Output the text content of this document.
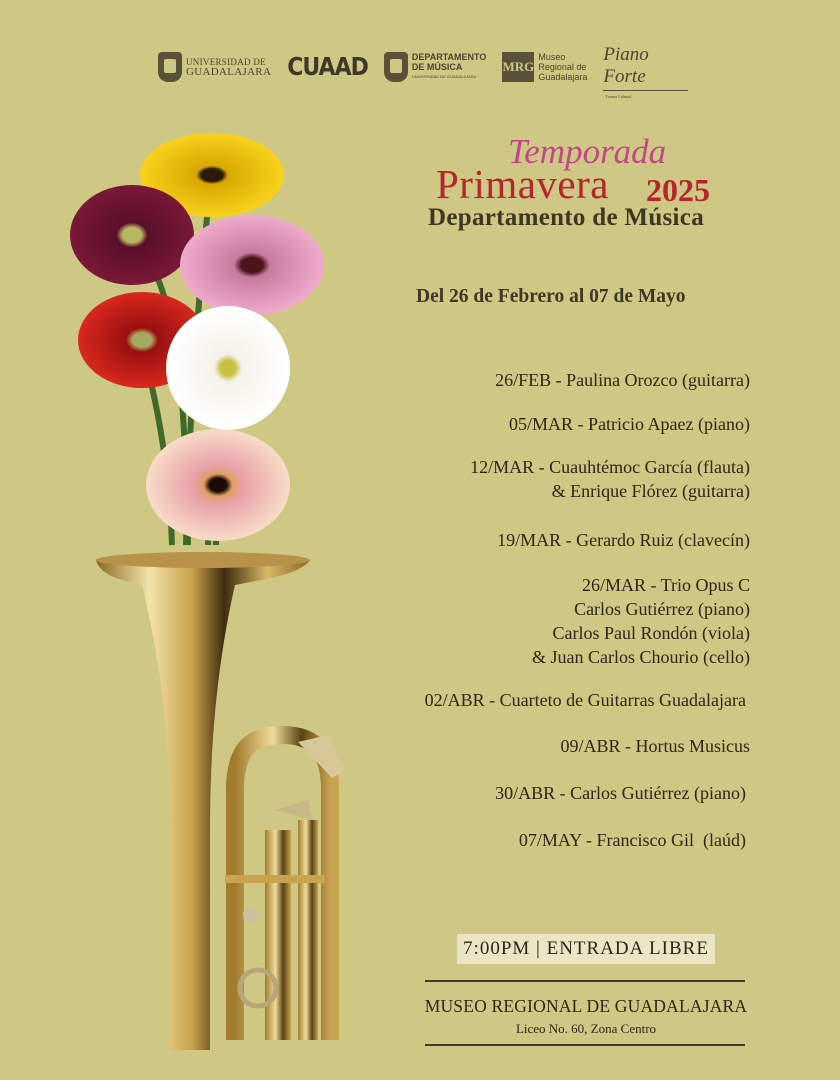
UNIVERSIDAD DE
GUADALAJARA CUAAD	DEPARTAMENTO
DE MÚSICA
UNIVERSIDAD DE GUADALAJARA
MRG
Museo
Regional de
Guadalajara
Piano Forte
Tiroma Cultural
Temporada
Primavera 2025
Departamento de Música
Del 26 de Febrero al 07 de Mayo
26/FEB - Paulina Orozco (guitarra)
05/MAR - Patricio Apaez (piano)
12/MAR - Cuauhtémoc García (flauta)
& Enrique Flórez (guitarra)
19/MAR - Gerardo Ruiz (clavecín)
26/MAR - Trio Opus C
Carlos Gutiérrez (piano)
Carlos Paul Rondón (viola)
& Juan Carlos Chourio (cello)
02/ABR - Cuarteto de Guitarras Guadalajara
09/ABR - Hortus Musicus
30/ABR - Carlos Gutiérrez (piano)
07/MAY - Francisco Gil  (laúd)
7:00PM | ENTRADA LIBRE
MUSEO REGIONAL DE GUADALAJARA
Liceo No. 60, Zona Centro
